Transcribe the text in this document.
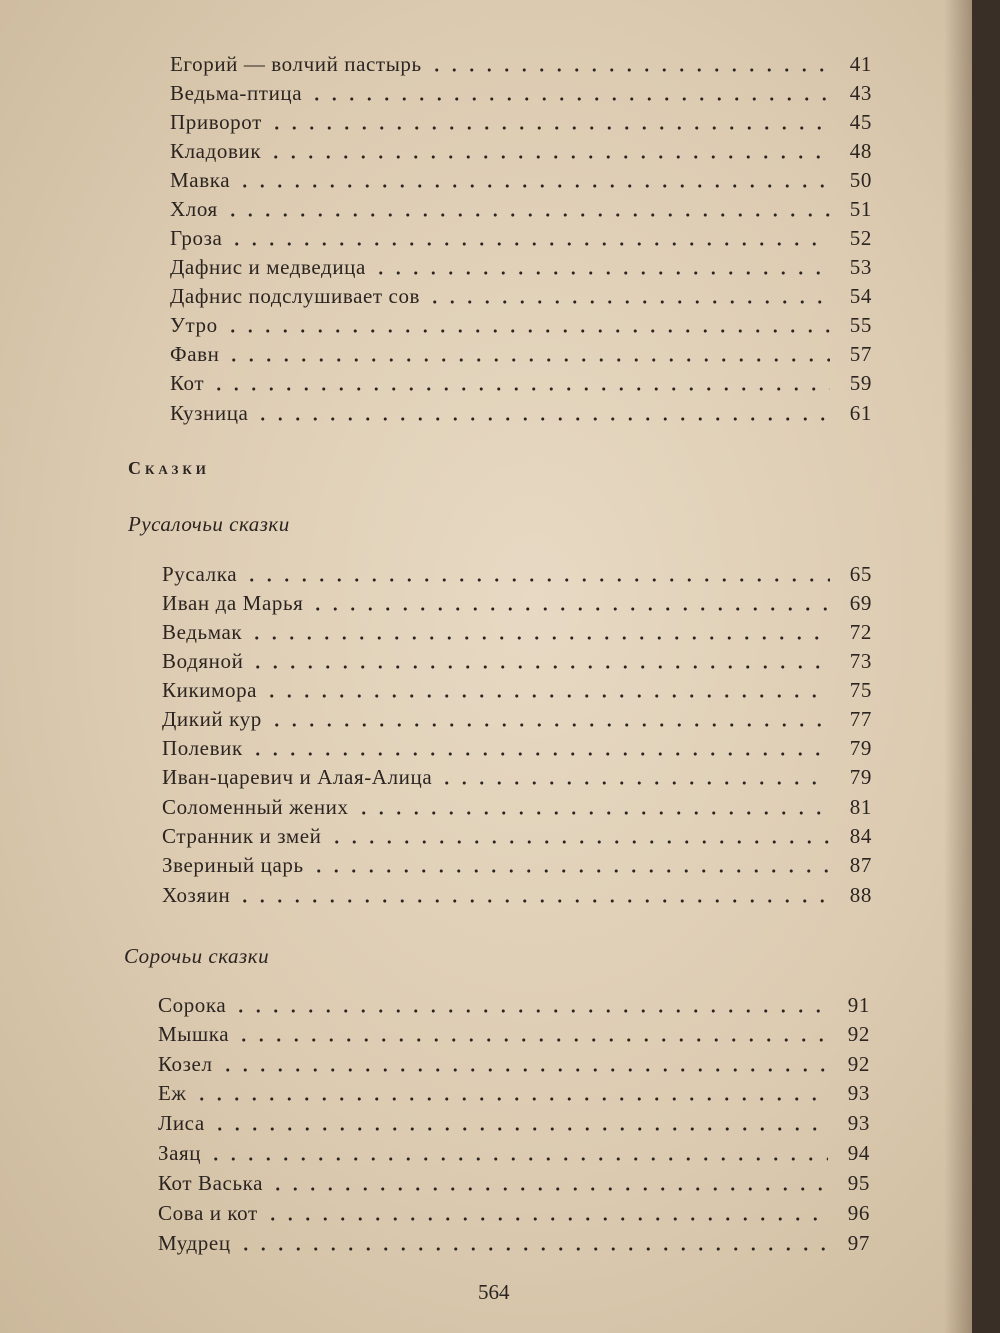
Егорий — волчий пастырь	41
Ведьма-птица	43
Приворот	45
Кладовик	48
Мавка	50
Хлоя	51
Гроза	52
Дафнис и медведица	53
Дафнис подслушивает сов	54
Утро	55
Фавн	57
Кот	59
Кузница	61
Сказки
Русалочьи сказки
Русалка	65
Иван да Марья	69
Ведьмак	72
Водяной	73
Кикимора	75
Дикий кур	77
Полевик	79
Иван-царевич и Алая-Алица	79
Соломенный жених	81
Странник и змей	84
Звериный царь	87
Хозяин	88
Сорочьи сказки
Сорока	91
Мышка	92
Козел	92
Еж	93
Лиса	93
Заяц	94
Кот Васька	95
Сова и кот	96
Мудрец	97
564
